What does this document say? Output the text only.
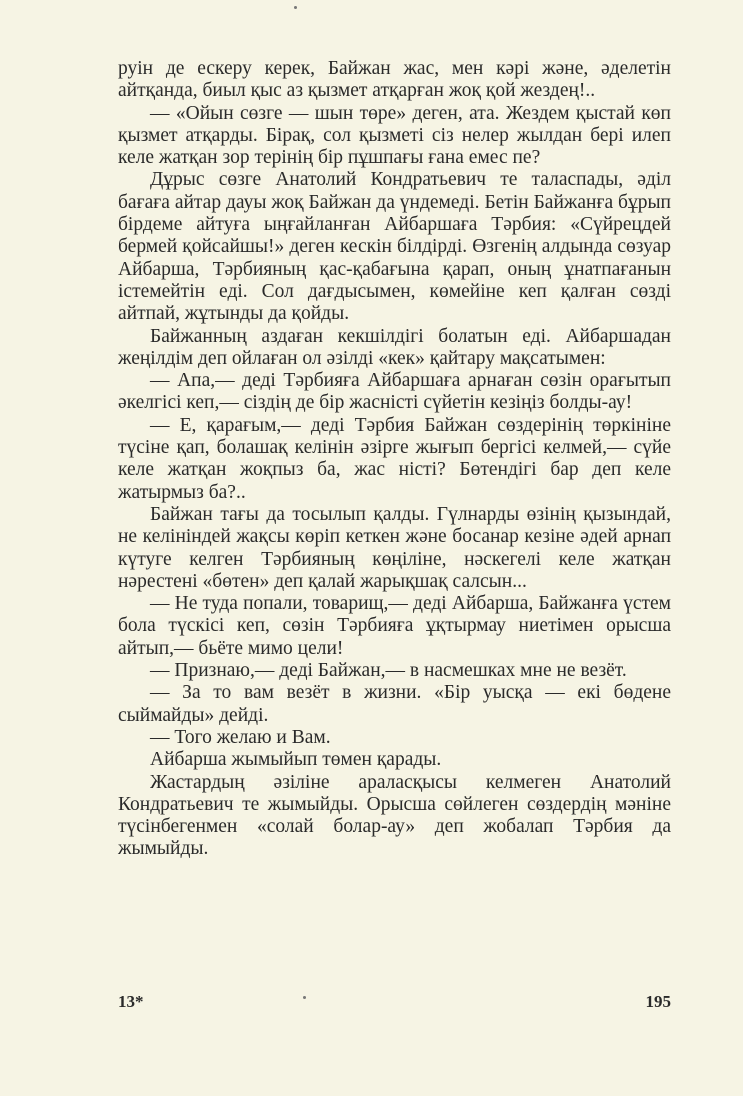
руін де ескеру керек, Байжан жас, мен кәрі және, әделетін айтқанда, биыл қыс аз қызмет атқарған жоқ қой жездең!..

— «Ойын сөзге — шын төре» деген, ата. Жездем қыстай көп қызмет атқарды. Бірақ, сол қызметі сіз нелер жылдан бері илеп келе жатқан зор терінің бір пұшпағы ғана емес пе?

Дұрыс сөзге Анатолий Кондратьевич те таласпады, әділ бағаға айтар дауы жоқ Байжан да үндемеді. Бетін Байжанға бұрып бірдеме айтуға ыңғайланған Айбаршаға Тәрбия: «Сүйрецдей бермей қойсайшы!» деген кескін білдірді. Өзгенің алдында сөзуар Айбарша, Тәрбияның қас-қабағына қарап, оның ұнатпағанын істемейтін еді. Сол дағдысымен, көмейіне кеп қалған сөзді айтпай, жұтынды да қойды.

Байжанның аздаған кекшілдігі болатын еді. Айбаршадан жеңілдім деп ойлаған ол әзілді «кек» қайтару мақсатымен:

— Апа,— деді Тәрбияға Айбаршаға арнаған сөзін орағытып әкелгісі кеп,— сіздің де бір жасністі сүйетін кезіңіз болды-ау!

— Е, қарағым,— деді Тәрбия Байжан сөздерінің төркініне түсіне қап, болашақ келінін әзірге жығып бергісі келмей,— сүйе келе жатқан жоқпыз ба, жас ністі? Бөтендігі бар деп келе жатырмыз ба?..

Байжан тағы да тосылып қалды. Гүлнарды өзінің қызындай, не келініндей жақсы көріп кеткен және босанар кезіне әдей арнап күтуге келген Тәрбияның көңіліне, нәскегелі келе жатқан нәрестені «бөтен» деп қалай жарықшақ салсын...

— Не туда попали, товарищ,— деді Айбарша, Байжанға үстем бола түскісі кеп, сөзін Тәрбияға ұқтырмау ниетімен орысша айтып,— бьёте мимо цели!

— Признаю,— деді Байжан,— в насмешках мне не везёт.

— За то вам везёт в жизни. «Бір уысқа — екі бөдене сыймайды» дейді.

— Того желаю и Вам.

Айбарша жымыйып төмен қарады.

Жастардың әзіліне араласқысы келмеген Анатолий Кондратьевич те жымыйды. Орысша сөйлеген сөздердің мәніне түсінбегенмен «солай болар-ау» деп жобалап Тәрбия да жымыйды.

13*	195
